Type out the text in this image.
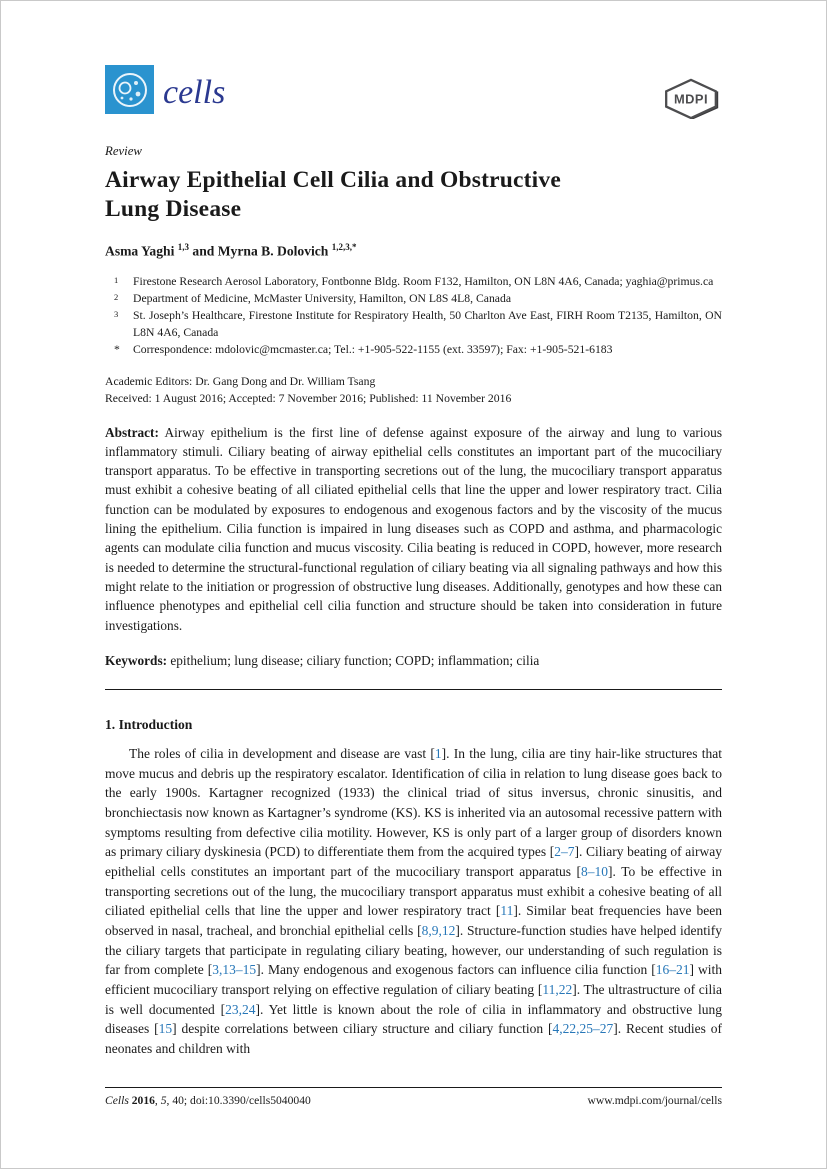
cells	MDPI
Review
Airway Epithelial Cell Cilia and Obstructive
Lung Disease
Asma Yaghi $^{1,3}$ and Myrna B. Dolovich $^{1,2,3,*}$
1	Firestone Research Aerosol Laboratory, Fontbonne Bldg. Room F132, Hamilton, ON L8N 4A6, Canada; yaghia@primus.ca
2	Department of Medicine, McMaster University, Hamilton, ON L8S 4L8, Canada
3	St. Joseph’s Healthcare, Firestone Institute for Respiratory Health, 50 Charlton Ave East, FIRH Room T2135, Hamilton, ON L8N 4A6, Canada
*	Correspondence: mdolovic@mcmaster.ca; Tel.: +1-905-522-1155 (ext. 33597); Fax: +1-905-521-6183
Academic Editors: Dr. Gang Dong and Dr. William Tsang
Received: 1 August 2016; Accepted: 7 November 2016; Published: 11 November 2016

Abstract: Airway epithelium is the first line of defense against exposure of the airway and lung to various inflammatory stimuli. Ciliary beating of airway epithelial cells constitutes an important part of the mucociliary transport apparatus. To be effective in transporting secretions out of the lung, the mucociliary transport apparatus must exhibit a cohesive beating of all ciliated epithelial cells that line the upper and lower respiratory tract. Cilia function can be modulated by exposures to endogenous and exogenous factors and by the viscosity of the mucus lining the epithelium. Cilia function is impaired in lung diseases such as COPD and asthma, and pharmacologic agents can modulate cilia function and mucus viscosity. Cilia beating is reduced in COPD, however, more research is needed to determine the structural-functional regulation of ciliary beating via all signaling pathways and how this might relate to the initiation or progression of obstructive lung diseases. Additionally, genotypes and how these can influence phenotypes and epithelial cell cilia function and structure should be taken into consideration in future investigations.

Keywords: epithelium; lung disease; ciliary function; COPD; inflammation; cilia

1. Introduction

The roles of cilia in development and disease are vast [1]. In the lung, cilia are tiny hair-like structures that move mucus and debris up the respiratory escalator. Identification of cilia in relation to lung disease goes back to the early 1900s. Kartagner recognized (1933) the clinical triad of situs inversus, chronic sinusitis, and bronchiectasis now known as Kartagner’s syndrome (KS). KS is inherited via an autosomal recessive pattern with symptoms resulting from defective cilia motility. However, KS is only part of a larger group of disorders known as primary ciliary dyskinesia (PCD) to differentiate them from the acquired types [2–7]. Ciliary beating of airway epithelial cells constitutes an important part of the mucociliary transport apparatus [8–10]. To be effective in transporting secretions out of the lung, the mucociliary transport apparatus must exhibit a cohesive beating of all ciliated epithelial cells that line the upper and lower respiratory tract [11]. Similar beat frequencies have been observed in nasal, tracheal, and bronchial epithelial cells [8,9,12]. Structure-function studies have helped identify the ciliary targets that participate in regulating ciliary beating, however, our understanding of such regulation is far from complete [3,13–15]. Many endogenous and exogenous factors can influence cilia function [16–21] with efficient mucociliary transport relying on effective regulation of ciliary beating [11,22]. The ultrastructure of cilia is well documented [23,24]. Yet little is known about the role of cilia in inflammatory and obstructive lung diseases [15] despite correlations between ciliary structure and ciliary function [4,22,25–27]. Recent studies of neonates and children with

Cells 2016, 5, 40; doi:10.3390/cells5040040	www.mdpi.com/journal/cells
